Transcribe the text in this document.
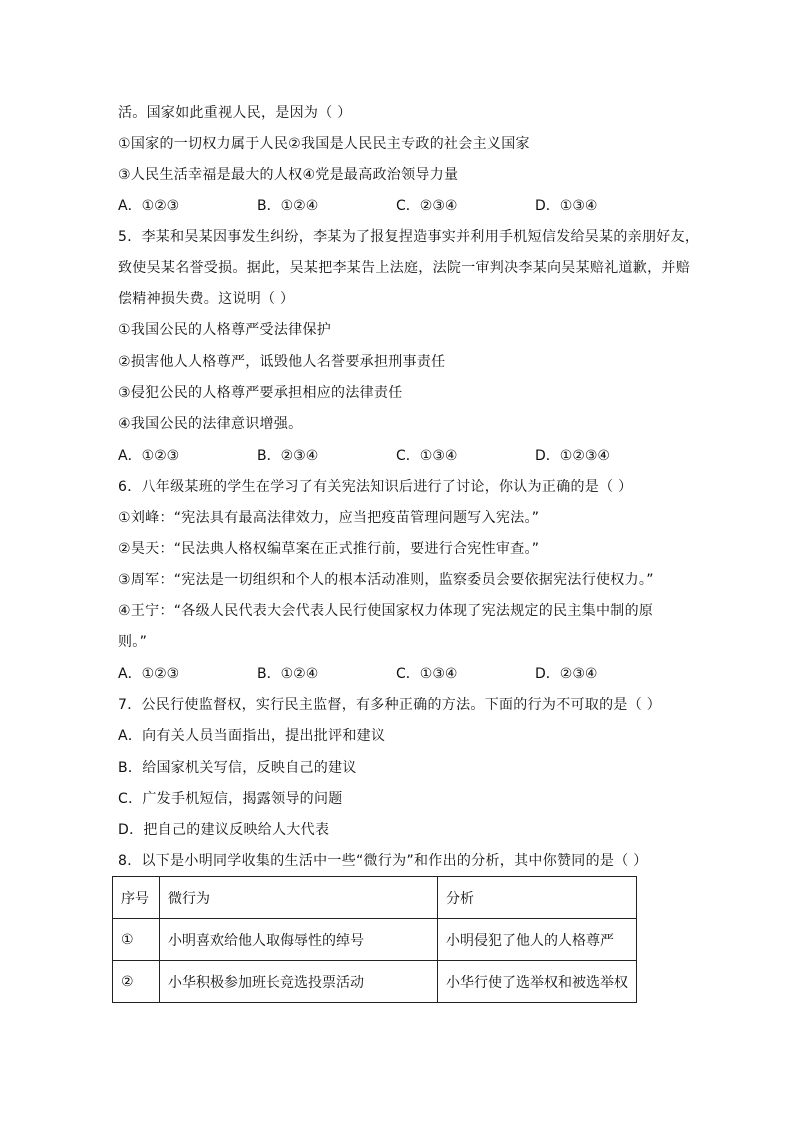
活。国家如此重视人民，是因为（ ）
①国家的一切权力属于人民②我国是人民民主专政的社会主义国家
③人民生活幸福是最大的人权④党是最高政治领导力量
A．①②③	B．①②④	C．②③④	D．①③④
5．李某和吴某因事发生纠纷，李某为了报复捏造事实并利用手机短信发给吴某的亲朋好友，
致使吴某名誉受损。据此，吴某把李某告上法庭，法院一审判决李某向吴某赔礼道歉，并赔
偿精神损失费。这说明（ ）
①我国公民的人格尊严受法律保护
②损害他人人格尊严，诋毁他人名誉要承担刑事责任
③侵犯公民的人格尊严要承担相应的法律责任
④我国公民的法律意识增强。
A．①②③	B．②③④	C．①③④	D．①②③④
6．八年级某班的学生在学习了有关宪法知识后进行了讨论，你认为正确的是（ ）
①刘峰：“宪法具有最高法律效力，应当把疫苗管理问题写入宪法。”
②昊天：“民法典人格权编草案在正式推行前，要进行合宪性审查。”
③周军：“宪法是一切组织和个人的根本活动准则，监察委员会要依据宪法行使权力。”
④王宁：“各级人民代表大会代表人民行使国家权力体现了宪法规定的民主集中制的原
则。”
A．①②③	B．①②④	C．①③④	D．②③④
7．公民行使监督权，实行民主监督，有多种正确的方法。下面的行为不可取的是（ ）
A．向有关人员当面指出，提出批评和建议
B．给国家机关写信，反映自己的建议
C．广发手机短信，揭露领导的问题
D．把自己的建议反映给人大代表
8．以下是小明同学收集的生活中一些“微行为”和作出的分析，其中你赞同的是（ ）
序号	微行为	分析
①	小明喜欢给他人取侮辱性的绰号	小明侵犯了他人的人格尊严
②	小华积极参加班长竞选投票活动	小华行使了选举权和被选举权
